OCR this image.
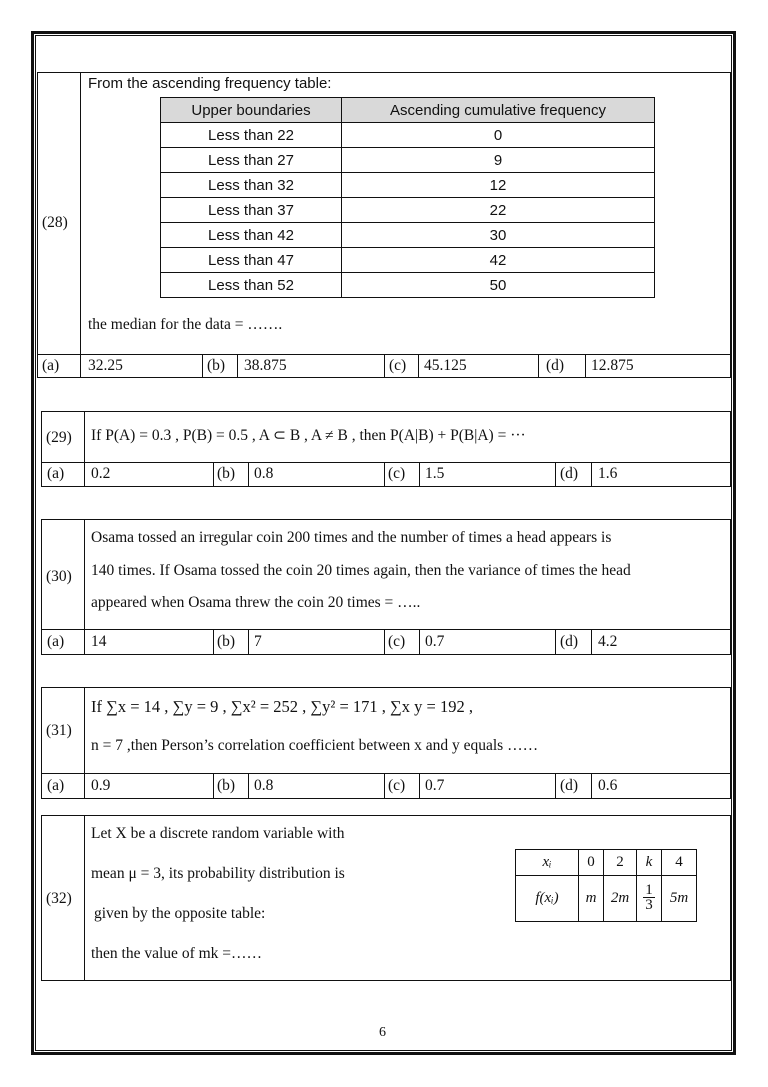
(28)
From the ascending frequency table:
Upper boundaries	Ascending cumulative frequency
Less than 22	0
Less than 27	9
Less than 32	12
Less than 37	22
Less than 42	30
Less than 47	42
Less than 52	50
the median for the data = …….
(a) 32.25	(b) 38.875	(c) 45.125	(d) 12.875
(29) If P(A) = 0.3 , P(B) = 0.5 , A ⊂ B , A ≠ B , then P(A|B) + P(B|A) = ···
(a) 0.2	(b) 0.8	(c) 1.5	(d) 1.6
(30)
Osama tossed an irregular coin 200 times and the number of times a head appears is
140 times. If Osama tossed the coin 20 times again, then the variance of times the head
appeared when Osama threw the coin 20 times = …..
(a) 14	(b) 7	(c) 0.7	(d) 4.2
(31)
If ∑x = 14 , ∑y = 9 , ∑x² = 252 , ∑y² = 171 , ∑x y = 192 ,
n = 7 ,then Person’s correlation coefficient between x and y equals ……
(a) 0.9	(b) 0.8	(c) 0.7	(d) 0.6
(32)
Let X be a discrete random variable with
mean μ = 3, its probability distribution is
given by the opposite table:
then the value of mk =……
xᵢ	0	2	k	4
f(xᵢ)	m	2m	$\frac{1}{3}$	5m
6
